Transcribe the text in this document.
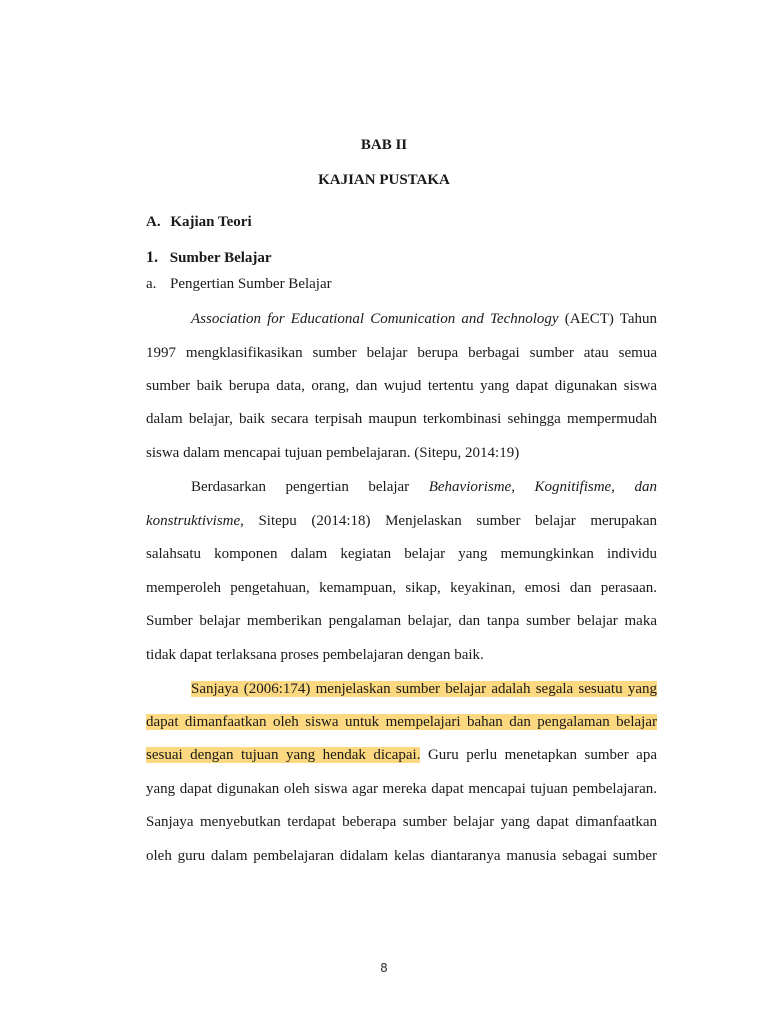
BAB II
KAJIAN PUSTAKA
A. Kajian Teori
1. Sumber Belajar
a. Pengertian Sumber Belajar
Association for Educational Comunication and Technology (AECT) Tahun
1997 mengklasifikasikan sumber belajar berupa berbagai sumber atau semua
sumber baik berupa data, orang, dan wujud tertentu yang dapat digunakan siswa
dalam belajar, baik secara terpisah maupun terkombinasi sehingga mempermudah
siswa dalam mencapai tujuan pembelajaran. (Sitepu, 2014:19)
Berdasarkan pengertian belajar Behaviorisme, Kognitifisme, dan
konstruktivisme, Sitepu (2014:18) Menjelaskan sumber belajar merupakan
salahsatu komponen dalam kegiatan belajar yang memungkinkan individu
memperoleh pengetahuan, kemampuan, sikap, keyakinan, emosi dan perasaan.
Sumber belajar memberikan pengalaman belajar, dan tanpa sumber belajar maka
tidak dapat terlaksana proses pembelajaran dengan baik.
Sanjaya (2006:174) menjelaskan sumber belajar adalah segala sesuatu yang
dapat dimanfaatkan oleh siswa untuk mempelajari bahan dan pengalaman belajar
sesuai dengan tujuan yang hendak dicapai. Guru perlu menetapkan sumber apa
yang dapat digunakan oleh siswa agar mereka dapat mencapai tujuan pembelajaran.
Sanjaya menyebutkan terdapat beberapa sumber belajar yang dapat dimanfaatkan
oleh guru dalam pembelajaran didalam kelas diantaranya manusia sebagai sumber
8
